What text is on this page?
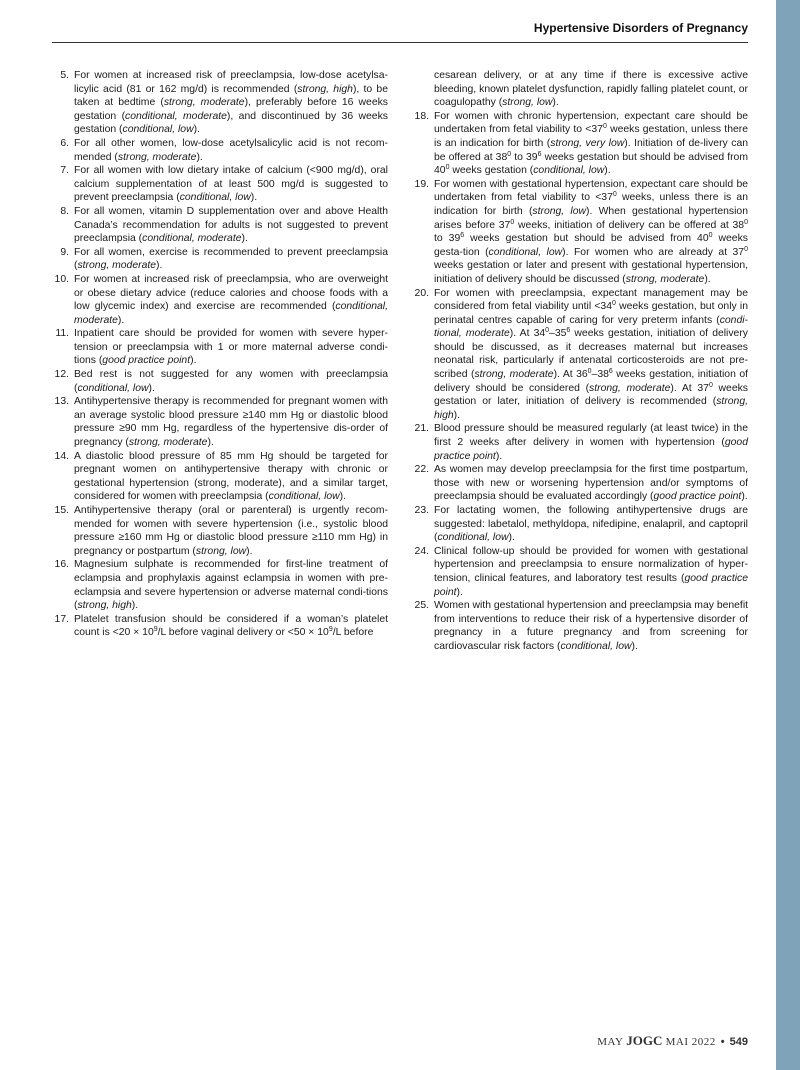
Hypertensive Disorders of Pregnancy
5. For women at increased risk of preeclampsia, low-dose acetylsa-licylic acid (81 or 162 mg/d) is recommended (strong, high), to be taken at bedtime (strong, moderate), preferably before 16 weeks gestation (conditional, moderate), and discontinued by 36 weeks gestation (conditional, low).
6. For all other women, low-dose acetylsalicylic acid is not recom-mended (strong, moderate).
7. For all women with low dietary intake of calcium (<900 mg/d), oral calcium supplementation of at least 500 mg/d is suggested to prevent preeclampsia (conditional, low).
8. For all women, vitamin D supplementation over and above Health Canada’s recommendation for adults is not suggested to prevent preeclampsia (conditional, moderate).
9. For all women, exercise is recommended to prevent preeclampsia (strong, moderate).
10. For women at increased risk of preeclampsia, who are overweight or obese dietary advice (reduce calories and choose foods with a low glycemic index) and exercise are recommended (conditional, moderate).
11. Inpatient care should be provided for women with severe hyper-tension or preeclampsia with 1 or more maternal adverse condi-tions (good practice point).
12. Bed rest is not suggested for any women with preeclampsia (conditional, low).
13. Antihypertensive therapy is recommended for pregnant women with an average systolic blood pressure ≥140 mm Hg or diastolic blood pressure ≥90 mm Hg, regardless of the hypertensive dis-order of pregnancy (strong, moderate).
14. A diastolic blood pressure of 85 mm Hg should be targeted for pregnant women on antihypertensive therapy with chronic or gestational hypertension (strong, moderate), and a similar target, considered for women with preeclampsia (conditional, low).
15. Antihypertensive therapy (oral or parenteral) is urgently recom-mended for women with severe hypertension (i.e., systolic blood pressure ≥160 mm Hg or diastolic blood pressure ≥110 mm Hg) in pregnancy or postpartum (strong, low).
16. Magnesium sulphate is recommended for first-line treatment of eclampsia and prophylaxis against eclampsia in women with pre-eclampsia and severe hypertension or adverse maternal condi-tions (strong, high).
17. Platelet transfusion should be considered if a woman’s platelet count is $<20 \times 10^9/L$ before vaginal delivery or $<50 \times 10^9/L$ before
cesarean delivery, or at any time if there is excessive active bleeding, known platelet dysfunction, rapidly falling platelet count, or coagulopathy (strong, low).
18. For women with chronic hypertension, expectant care should be undertaken from fetal viability to $<37^0$ weeks gestation, unless there is an indication for birth (strong, very low). Initiation of de-livery can be offered at $38^0$ to $39^6$ weeks gestation but should be advised from $40^0$ weeks gestation (conditional, low).
19. For women with gestational hypertension, expectant care should be undertaken from fetal viability to $<37^0$ weeks, unless there is an indication for birth (strong, low). When gestational hypertension arises before $37^0$ weeks, initiation of delivery can be offered at $38^0$ to $39^6$ weeks gestation but should be advised from $40^0$ weeks gesta-tion (conditional, low). For women who are already at $37^0$ weeks gestation or later and present with gestational hypertension, initiation of delivery should be discussed (strong, moderate).
20. For women with preeclampsia, expectant management may be considered from fetal viability until $<34^0$ weeks gestation, but only in perinatal centres capable of caring for very preterm infants (condi-tional, moderate). At $34^0-35^6$ weeks gestation, initiation of delivery should be discussed, as it decreases maternal but increases neonatal risk, particularly if antenatal corticosteroids are not pre-scribed (strong, moderate). At $36^0-38^6$ weeks gestation, initiation of delivery should be considered (strong, moderate). At $37^0$ weeks gestation or later, initiation of delivery is recommended (strong, high).
21. Blood pressure should be measured regularly (at least twice) in the first 2 weeks after delivery in women with hypertension (good practice point).
22. As women may develop preeclampsia for the first time postpartum, those with new or worsening hypertension and/or symptoms of preeclampsia should be evaluated accordingly (good practice point).
23. For lactating women, the following antihypertensive drugs are suggested: labetalol, methyldopa, nifedipine, enalapril, and captopril (conditional, low).
24. Clinical follow-up should be provided for women with gestational hypertension and preeclampsia to ensure normalization of hyper-tension, clinical features, and laboratory test results (good practice point).
25. Women with gestational hypertension and preeclampsia may benefit from interventions to reduce their risk of a hypertensive disorder of pregnancy in a future pregnancy and from screening for cardiovascular risk factors (conditional, low).
MAY JOGC MAI 2022 • 549
